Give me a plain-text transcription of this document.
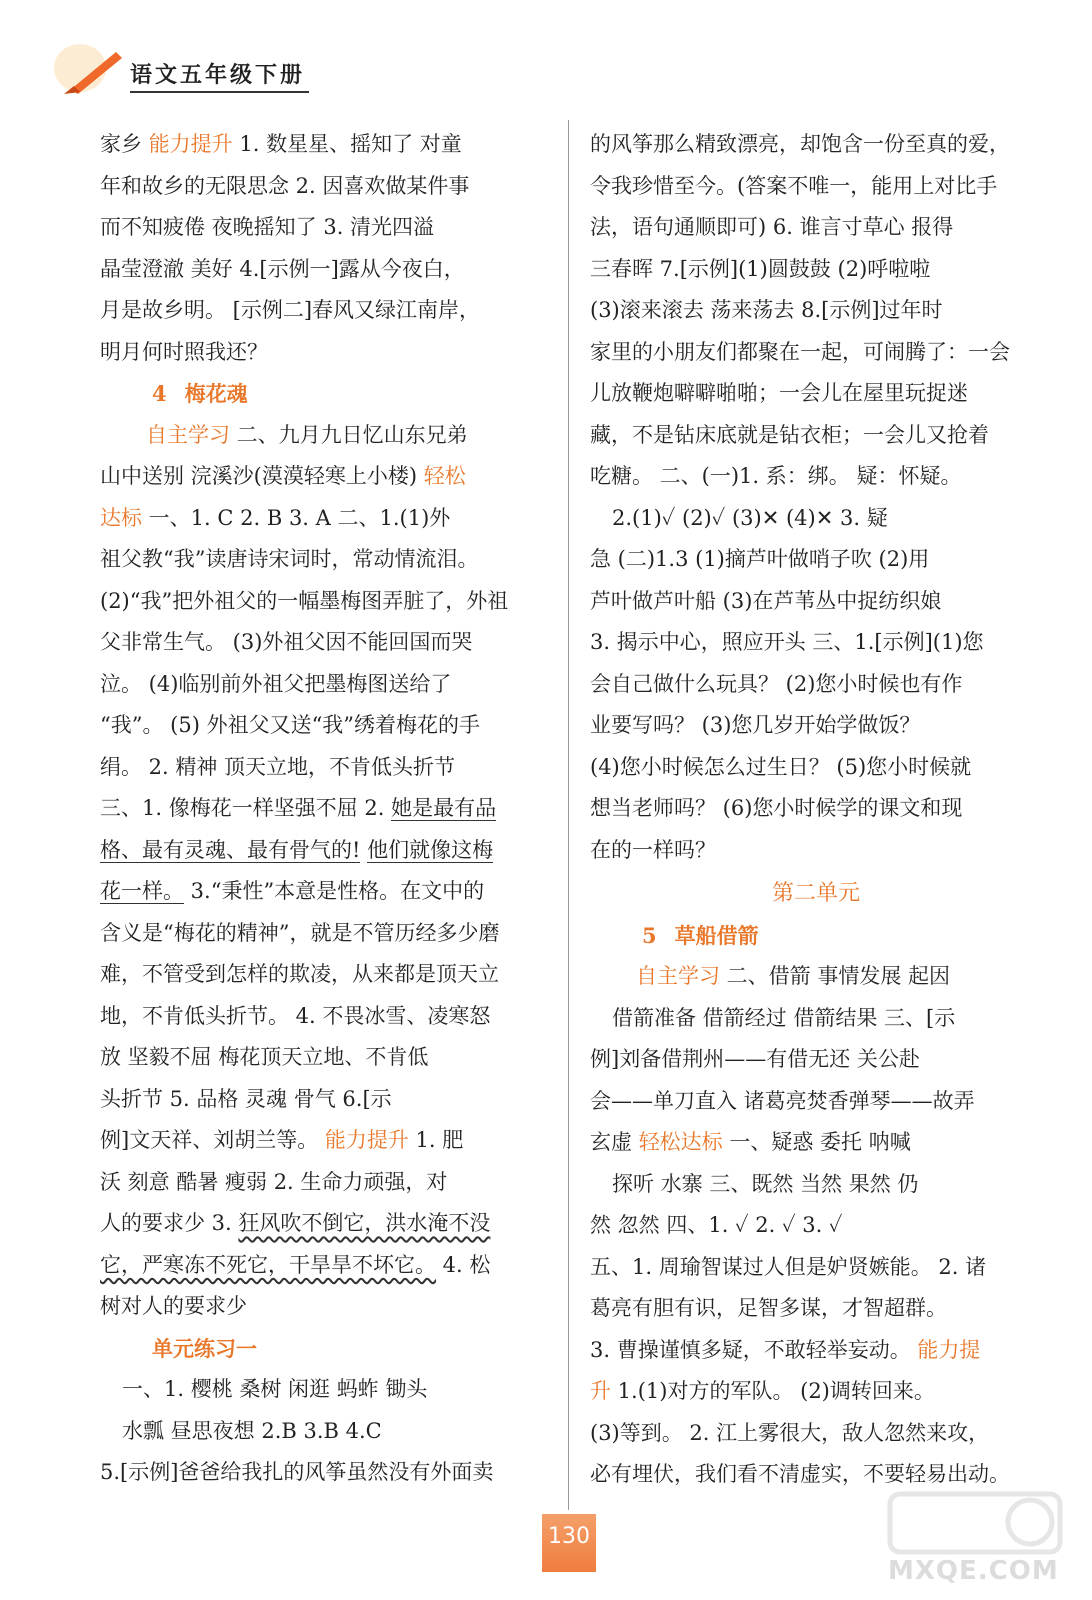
语文五年级下册

家乡 能力提升 1. 数星星、摇知了 对童

年和故乡的无限思念 2. 因喜欢做某件事

而不知疲倦 夜晚摇知了 3. 清光四溢

晶莹澄澈 美好 4.[示例一]露从今夜白，

月是故乡明。 [示例二]春风又绿江南岸，

明月何时照我还？

4 梅花魂

自主学习 二、九月九日忆山东兄弟

山中送别 浣溪沙(漠漠轻寒上小楼) 轻松

达标 一、1. C 2. B 3. A 二、1.(1)外

祖父教“我”读唐诗宋词时，常动情流泪。

(2)“我”把外祖父的一幅墨梅图弄脏了，外祖

父非常生气。 (3)外祖父因不能回国而哭

泣。 (4)临别前外祖父把墨梅图送给了

“我”。 (5) 外祖父又送“我”绣着梅花的手

绢。 2. 精神 顶天立地，不肯低头折节

三、1. 像梅花一样坚强不屈 2. 她是最有品

格、最有灵魂、最有骨气的! 他们就像这梅

花一样。 3.“秉性”本意是性格。在文中的

含义是“梅花的精神”，就是不管历经多少磨

难，不管受到怎样的欺凌，从来都是顶天立

地，不肯低头折节。 4. 不畏冰雪、凌寒怒

放 坚毅不屈 梅花顶天立地、不肯低

头折节 5. 品格 灵魂 骨气 6.[示

例]文天祥、刘胡兰等。 能力提升 1. 肥

沃 刻意 酷暑 瘦弱 2. 生命力顽强，对

人的要求少 3. 狂风吹不倒它，洪水淹不没

它，严寒冻不死它，干旱旱不坏它。 4. 松

树对人的要求少

单元练习一

一、1. 樱桃 桑树 闲逛 蚂蚱 锄头

水瓢 昼思夜想 2.B 3.B 4.C

5.[示例]爸爸给我扎的风筝虽然没有外面卖

的风筝那么精致漂亮，却饱含一份至真的爱，

令我珍惜至今。(答案不唯一，能用上对比手

法，语句通顺即可) 6. 谁言寸草心 报得

三春晖 7.[示例](1)圆鼓鼓 (2)呼啦啦

(3)滚来滚去 荡来荡去 8.[示例]过年时

家里的小朋友们都聚在一起，可闹腾了：一会

儿放鞭炮噼噼啪啪；一会儿在屋里玩捉迷

藏，不是钻床底就是钻衣柜；一会儿又抢着

吃糖。 二、(一)1. 系：绑。 疑：怀疑。

2.(1)✓ (2)✓ (3)✕ (4)✕ 3. 疑

急 (二)1.3 (1)摘芦叶做哨子吹 (2)用

芦叶做芦叶船 (3)在芦苇丛中捉纺织娘

3. 揭示中心，照应开头 三、1.[示例](1)您

会自己做什么玩具？ (2)您小时候也有作

业要写吗？ (3)您几岁开始学做饭？

(4)您小时候怎么过生日？ (5)您小时候就

想当老师吗？ (6)您小时候学的课文和现

在的一样吗？

第二单元

5 草船借箭

自主学习 二、借箭 事情发展 起因

借箭准备 借箭经过 借箭结果 三、[示

例]刘备借荆州——有借无还 关公赴

会——单刀直入 诸葛亮焚香弹琴——故弄

玄虚 轻松达标 一、疑惑 委托 呐喊

探听 水寨 三、既然 当然 果然 仍

然 忽然 四、1. ✓ 2. ✓ 3. ✓

五、1. 周瑜智谋过人但是妒贤嫉能。 2. 诸

葛亮有胆有识，足智多谋，才智超群。

3. 曹操谨慎多疑，不敢轻举妄动。 能力提

升 1.(1)对方的军队。 (2)调转回来。

(3)等到。 2. 江上雾很大，敌人忽然来攻，

必有埋伏，我们看不清虚实，不要轻易出动。

130
MXQE.COM
